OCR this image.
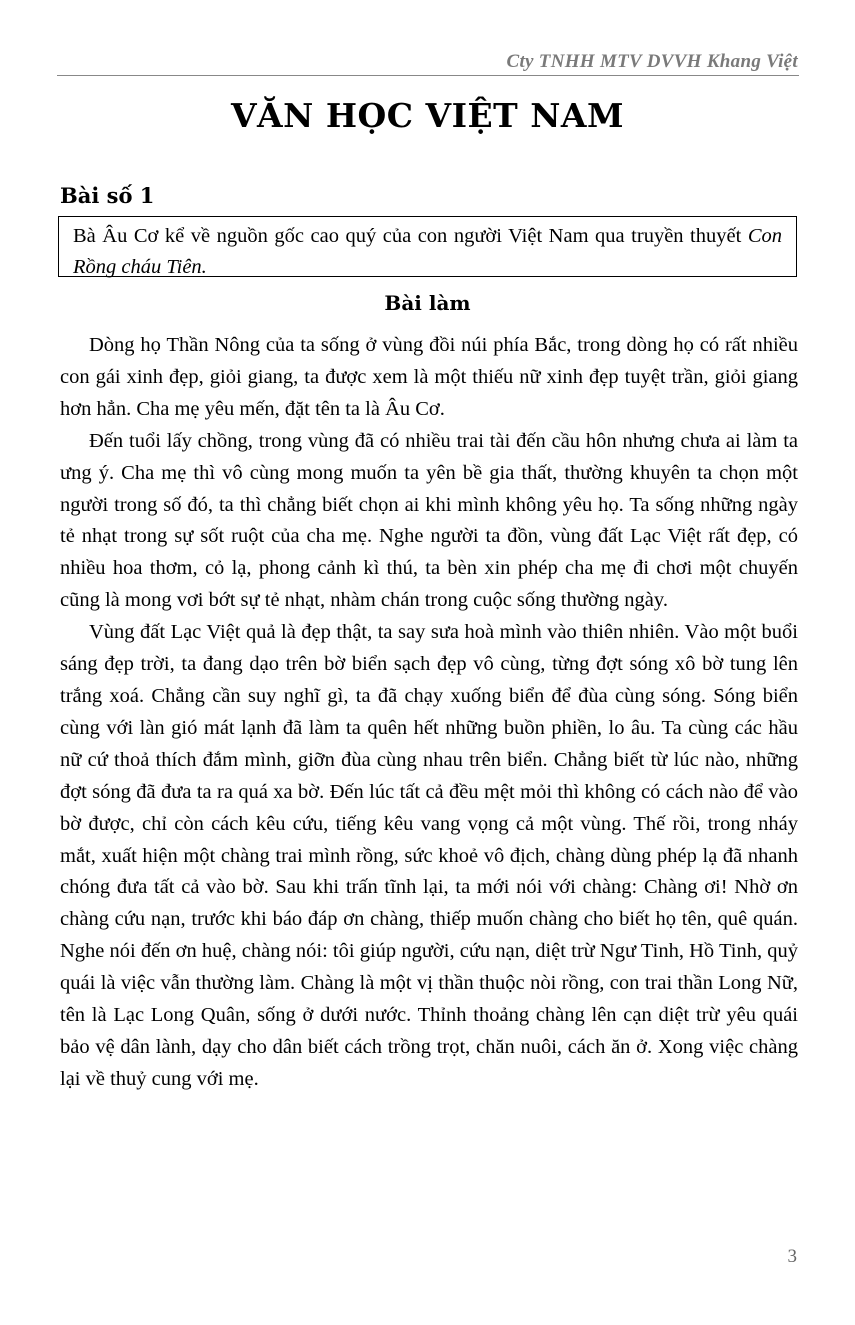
Cty TNHH MTV DVVH Khang Việt
VĂN HỌC VIỆT NAM
Bài số 1
Bà Âu Cơ kể về nguồn gốc cao quý của con người Việt Nam qua truyền thuyết Con Rồng cháu Tiên.
Bài làm

Dòng họ Thần Nông của ta sống ở vùng đồi núi phía Bắc, trong dòng họ có rất nhiều con gái xinh đẹp, giỏi giang, ta được xem là một thiếu nữ xinh đẹp tuyệt trần, giỏi giang hơn hẳn. Cha mẹ yêu mến, đặt tên ta là Âu Cơ.

Đến tuổi lấy chồng, trong vùng đã có nhiều trai tài đến cầu hôn nhưng chưa ai làm ta ưng ý. Cha mẹ thì vô cùng mong muốn ta yên bề gia thất, thường khuyên ta chọn một người trong số đó, ta thì chẳng biết chọn ai khi mình không yêu họ. Ta sống những ngày tẻ nhạt trong sự sốt ruột của cha mẹ. Nghe người ta đồn, vùng đất Lạc Việt rất đẹp, có nhiều hoa thơm, cỏ lạ, phong cảnh kì thú, ta bèn xin phép cha mẹ đi chơi một chuyến cũng là mong vơi bớt sự tẻ nhạt, nhàm chán trong cuộc sống thường ngày.

Vùng đất Lạc Việt quả là đẹp thật, ta say sưa hoà mình vào thiên nhiên. Vào một buổi sáng đẹp trời, ta đang dạo trên bờ biển sạch đẹp vô cùng, từng đợt sóng xô bờ tung lên trắng xoá. Chẳng cần suy nghĩ gì, ta đã chạy xuống biển để đùa cùng sóng. Sóng biển cùng với làn gió mát lạnh đã làm ta quên hết những buồn phiền, lo âu. Ta cùng các hầu nữ cứ thoả thích đắm mình, giỡn đùa cùng nhau trên biển. Chẳng biết từ lúc nào, những đợt sóng đã đưa ta ra quá xa bờ. Đến lúc tất cả đều mệt mỏi thì không có cách nào để vào bờ được, chỉ còn cách kêu cứu, tiếng kêu vang vọng cả một vùng. Thế rồi, trong nháy mắt, xuất hiện một chàng trai mình rồng, sức khoẻ vô địch, chàng dùng phép lạ đã nhanh chóng đưa tất cả vào bờ. Sau khi trấn tĩnh lại, ta mới nói với chàng: Chàng ơi! Nhờ ơn chàng cứu nạn, trước khi báo đáp ơn chàng, thiếp muốn chàng cho biết họ tên, quê quán. Nghe nói đến ơn huệ, chàng nói: tôi giúp người, cứu nạn, diệt trừ Ngư Tinh, Hồ Tinh, quỷ quái là việc vẫn thường làm. Chàng là một vị thần thuộc nòi rồng, con trai thần Long Nữ, tên là Lạc Long Quân, sống ở dưới nước. Thỉnh thoảng chàng lên cạn diệt trừ yêu quái bảo vệ dân lành, dạy cho dân biết cách trồng trọt, chăn nuôi, cách ăn ở. Xong việc chàng lại về thuỷ cung với mẹ.

3
